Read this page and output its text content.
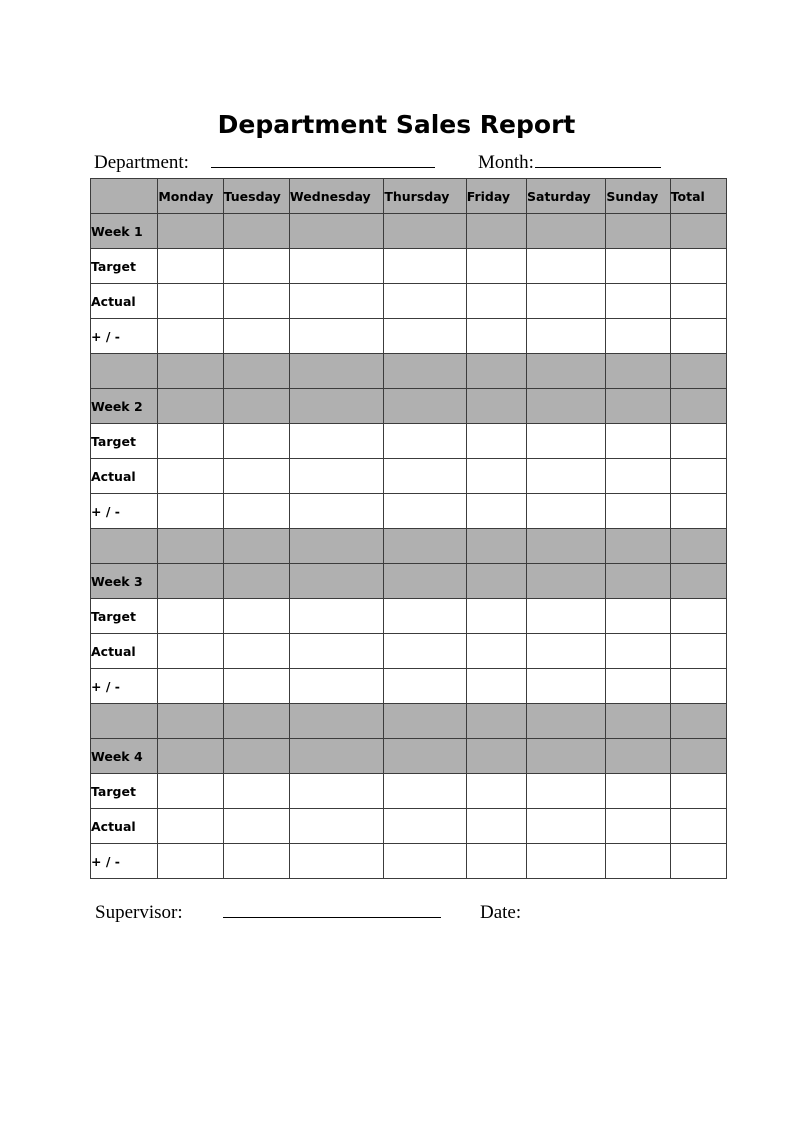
Department Sales Report
Department:	Month:
	Monday	Tuesday	Wednesday	Thursday	Friday	Saturday	Sunday	Total
Week 1								
Target								
Actual								
+ / -								

Week 2								
Target								
Actual								
+ / -								

Week 3								
Target								
Actual								
+ / -								

Week 4								
Target								
Actual								
+ / -								
Supervisor:	Date:
